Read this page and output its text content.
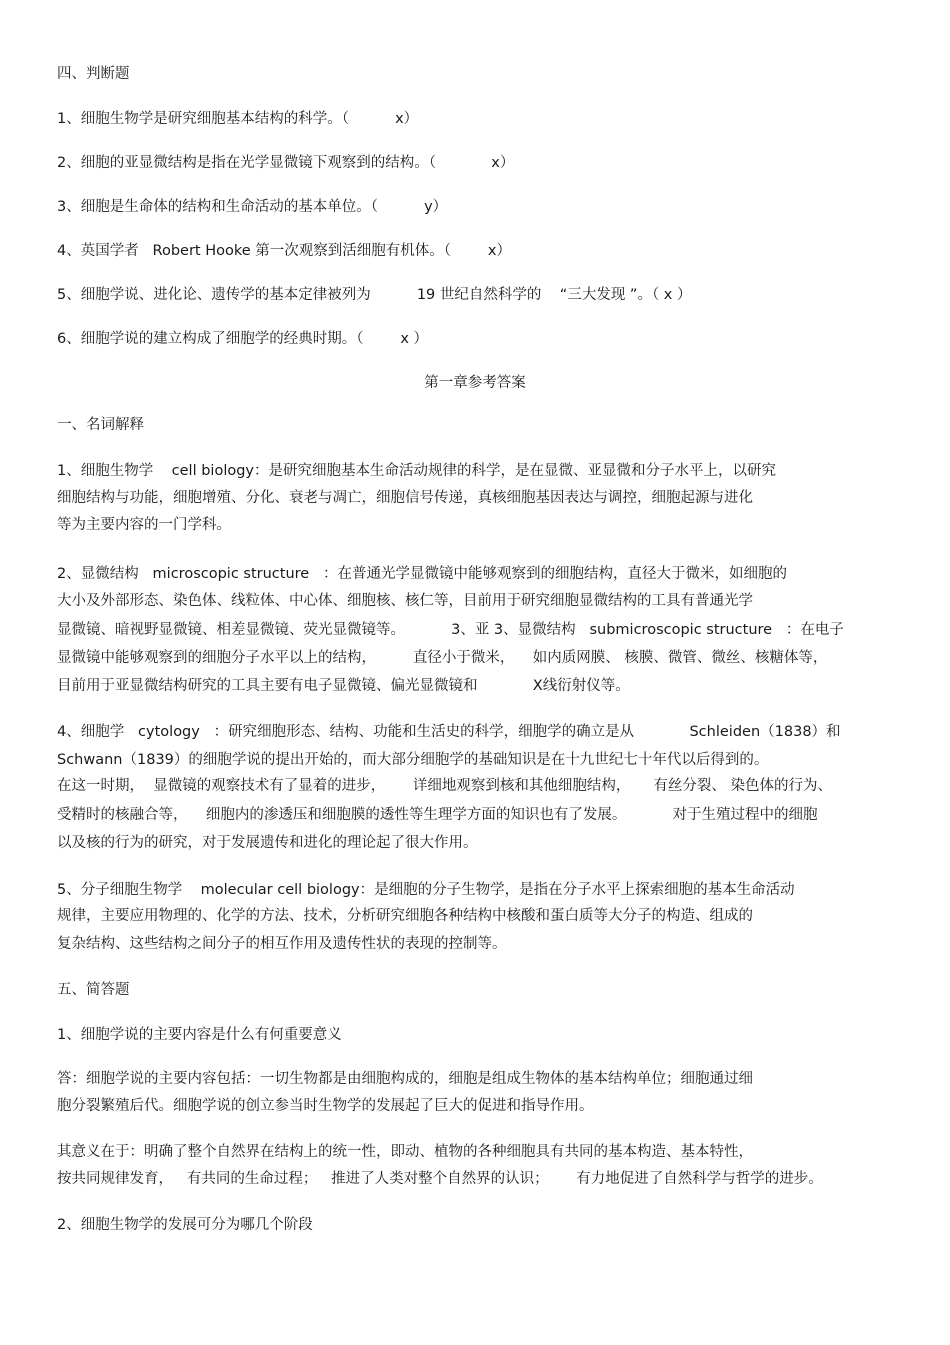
四、判断题
1、细胞生物学是研究细胞基本结构的科学。（          x）
2、细胞的亚显微结构是指在光学显微镜下观察到的结构。（            x）
3、细胞是生命体的结构和生命活动的基本单位。（          y）
4、英国学者   Robert Hooke 第一次观察到活细胞有机体。（        x）
5、细胞学说、进化论、遗传学的基本定律被列为          19 世纪自然科学的    “三大发现 ”。（ x ）
6、细胞学说的建立构成了细胞学的经典时期。（        x ）
第一章参考答案
一、名词解释
1、细胞生物学    cell biology：是研究细胞基本生命活动规律的科学，是在显微、亚显微和分子水平上，以研究
细胞结构与功能，细胞增殖、分化、衰老与凋亡，细胞信号传递，真核细胞基因表达与调控，细胞起源与进化
等为主要内容的一门学科。
2、显微结构   microscopic structure   ：在普通光学显微镜中能够观察到的细胞结构，直径大于微米，如细胞的
大小及外部形态、染色体、线粒体、中心体、细胞核、核仁等，目前用于研究细胞显微结构的工具有普通光学
显微镜、暗视野显微镜、相差显微镜、荧光显微镜等。          3、亚 3、显微结构   submicroscopic structure   ：在电子
显微镜中能够观察到的细胞分子水平以上的结构，        直径小于微米，    如内质网膜、 核膜、微管、微丝、核糖体等，
目前用于亚显微结构研究的工具主要有电子显微镜、偏光显微镜和            X线衍射仪等。
4、细胞学   cytology   ：研究细胞形态、结构、功能和生活史的科学，细胞学的确立是从            Schleiden（1838）和
Schwann（1839）的细胞学说的提出开始的，而大部分细胞学的基础知识是在十九世纪七十年代以后得到的。
在这一时期，  显微镜的观察技术有了显着的进步，      详细地观察到核和其他细胞结构，     有丝分裂、 染色体的行为、
受精时的核融合等，    细胞内的渗透压和细胞膜的透性等生理学方面的知识也有了发展。          对于生殖过程中的细胞
以及核的行为的研究，对于发展遗传和进化的理论起了很大作用。
5、分子细胞生物学    molecular cell biology：是细胞的分子生物学，是指在分子水平上探索细胞的基本生命活动
规律，主要应用物理的、化学的方法、技术，分析研究细胞各种结构中核酸和蛋白质等大分子的构造、组成的
复杂结构、这些结构之间分子的相互作用及遗传性状的表现的控制等。
五、简答题
1、细胞学说的主要内容是什么有何重要意义
答：细胞学说的主要内容包括：一切生物都是由细胞构成的，细胞是组成生物体的基本结构单位；细胞通过细
胞分裂繁殖后代。细胞学说的创立参当时生物学的发展起了巨大的促进和指导作用。
其意义在于：明确了整个自然界在结构上的统一性，即动、植物的各种细胞具有共同的基本构造、基本特性，
按共同规律发育，   有共同的生命过程；   推进了人类对整个自然界的认识；      有力地促进了自然科学与哲学的进步。
2、细胞生物学的发展可分为哪几个阶段
